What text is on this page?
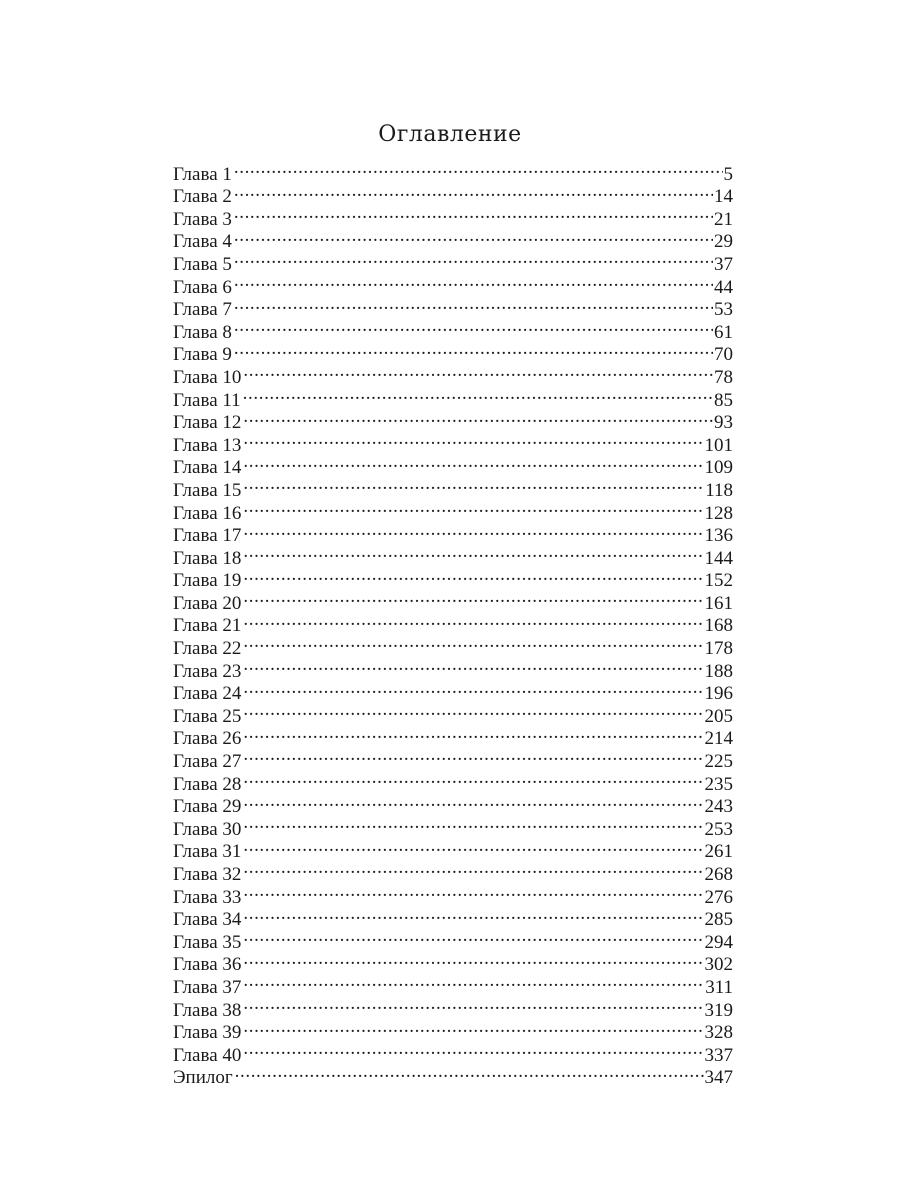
Оглавление
Глава 1 .....	5
Глава 2 .....	14
Глава 3 .....	21
Глава 4 .....	29
Глава 5 .....	37
Глава 6 .....	44
Глава 7 .....	53
Глава 8 .....	61
Глава 9 .....	70
Глава 10 .....	78
Глава 11 .....	85
Глава 12 .....	93
Глава 13 .....	101
Глава 14 .....	109
Глава 15 .....	118
Глава 16 .....	128
Глава 17 .....	136
Глава 18 .....	144
Глава 19 .....	152
Глава 20 .....	161
Глава 21 .....	168
Глава 22 .....	178
Глава 23 .....	188
Глава 24 .....	196
Глава 25 .....	205
Глава 26 .....	214
Глава 27 .....	225
Глава 28 .....	235
Глава 29 .....	243
Глава 30 .....	253
Глава 31 .....	261
Глава 32 .....	268
Глава 33 .....	276
Глава 34 .....	285
Глава 35 .....	294
Глава 36 .....	302
Глава 37 .....	311
Глава 38 .....	319
Глава 39 .....	328
Глава 40 .....	337
Эпилог .....	347
